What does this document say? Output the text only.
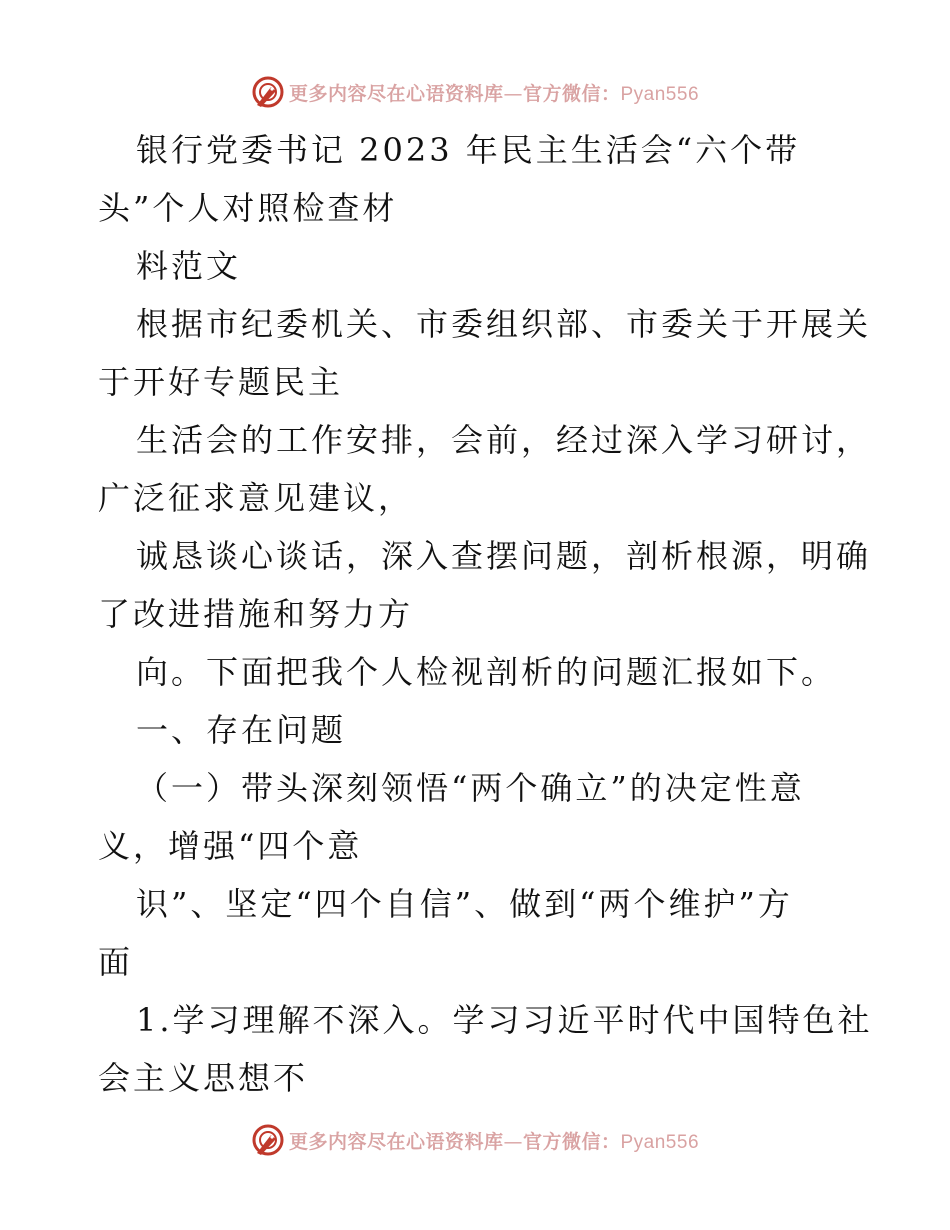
更多内容尽在心语资料库—官方微信：Pyan556

银行党委书记 2023 年民主生活会“六个带

头”个人对照检查材

料范文

根据市纪委机关、市委组织部、市委关于开展关

于开好专题民主

生活会的工作安排，会前，经过深入学习研讨，

广泛征求意见建议，

诚恳谈心谈话，深入查摆问题，剖析根源，明确

了改进措施和努力方

向。下面把我个人检视剖析的问题汇报如下。

一、存在问题

（一）带头深刻领悟“两个确立”的决定性意

义，增强“四个意

识”、坚定“四个自信”、做到“两个维护”方

面

1.学习理解不深入。学习习近平时代中国特色社

会主义思想不

更多内容尽在心语资料库—官方微信：Pyan556
